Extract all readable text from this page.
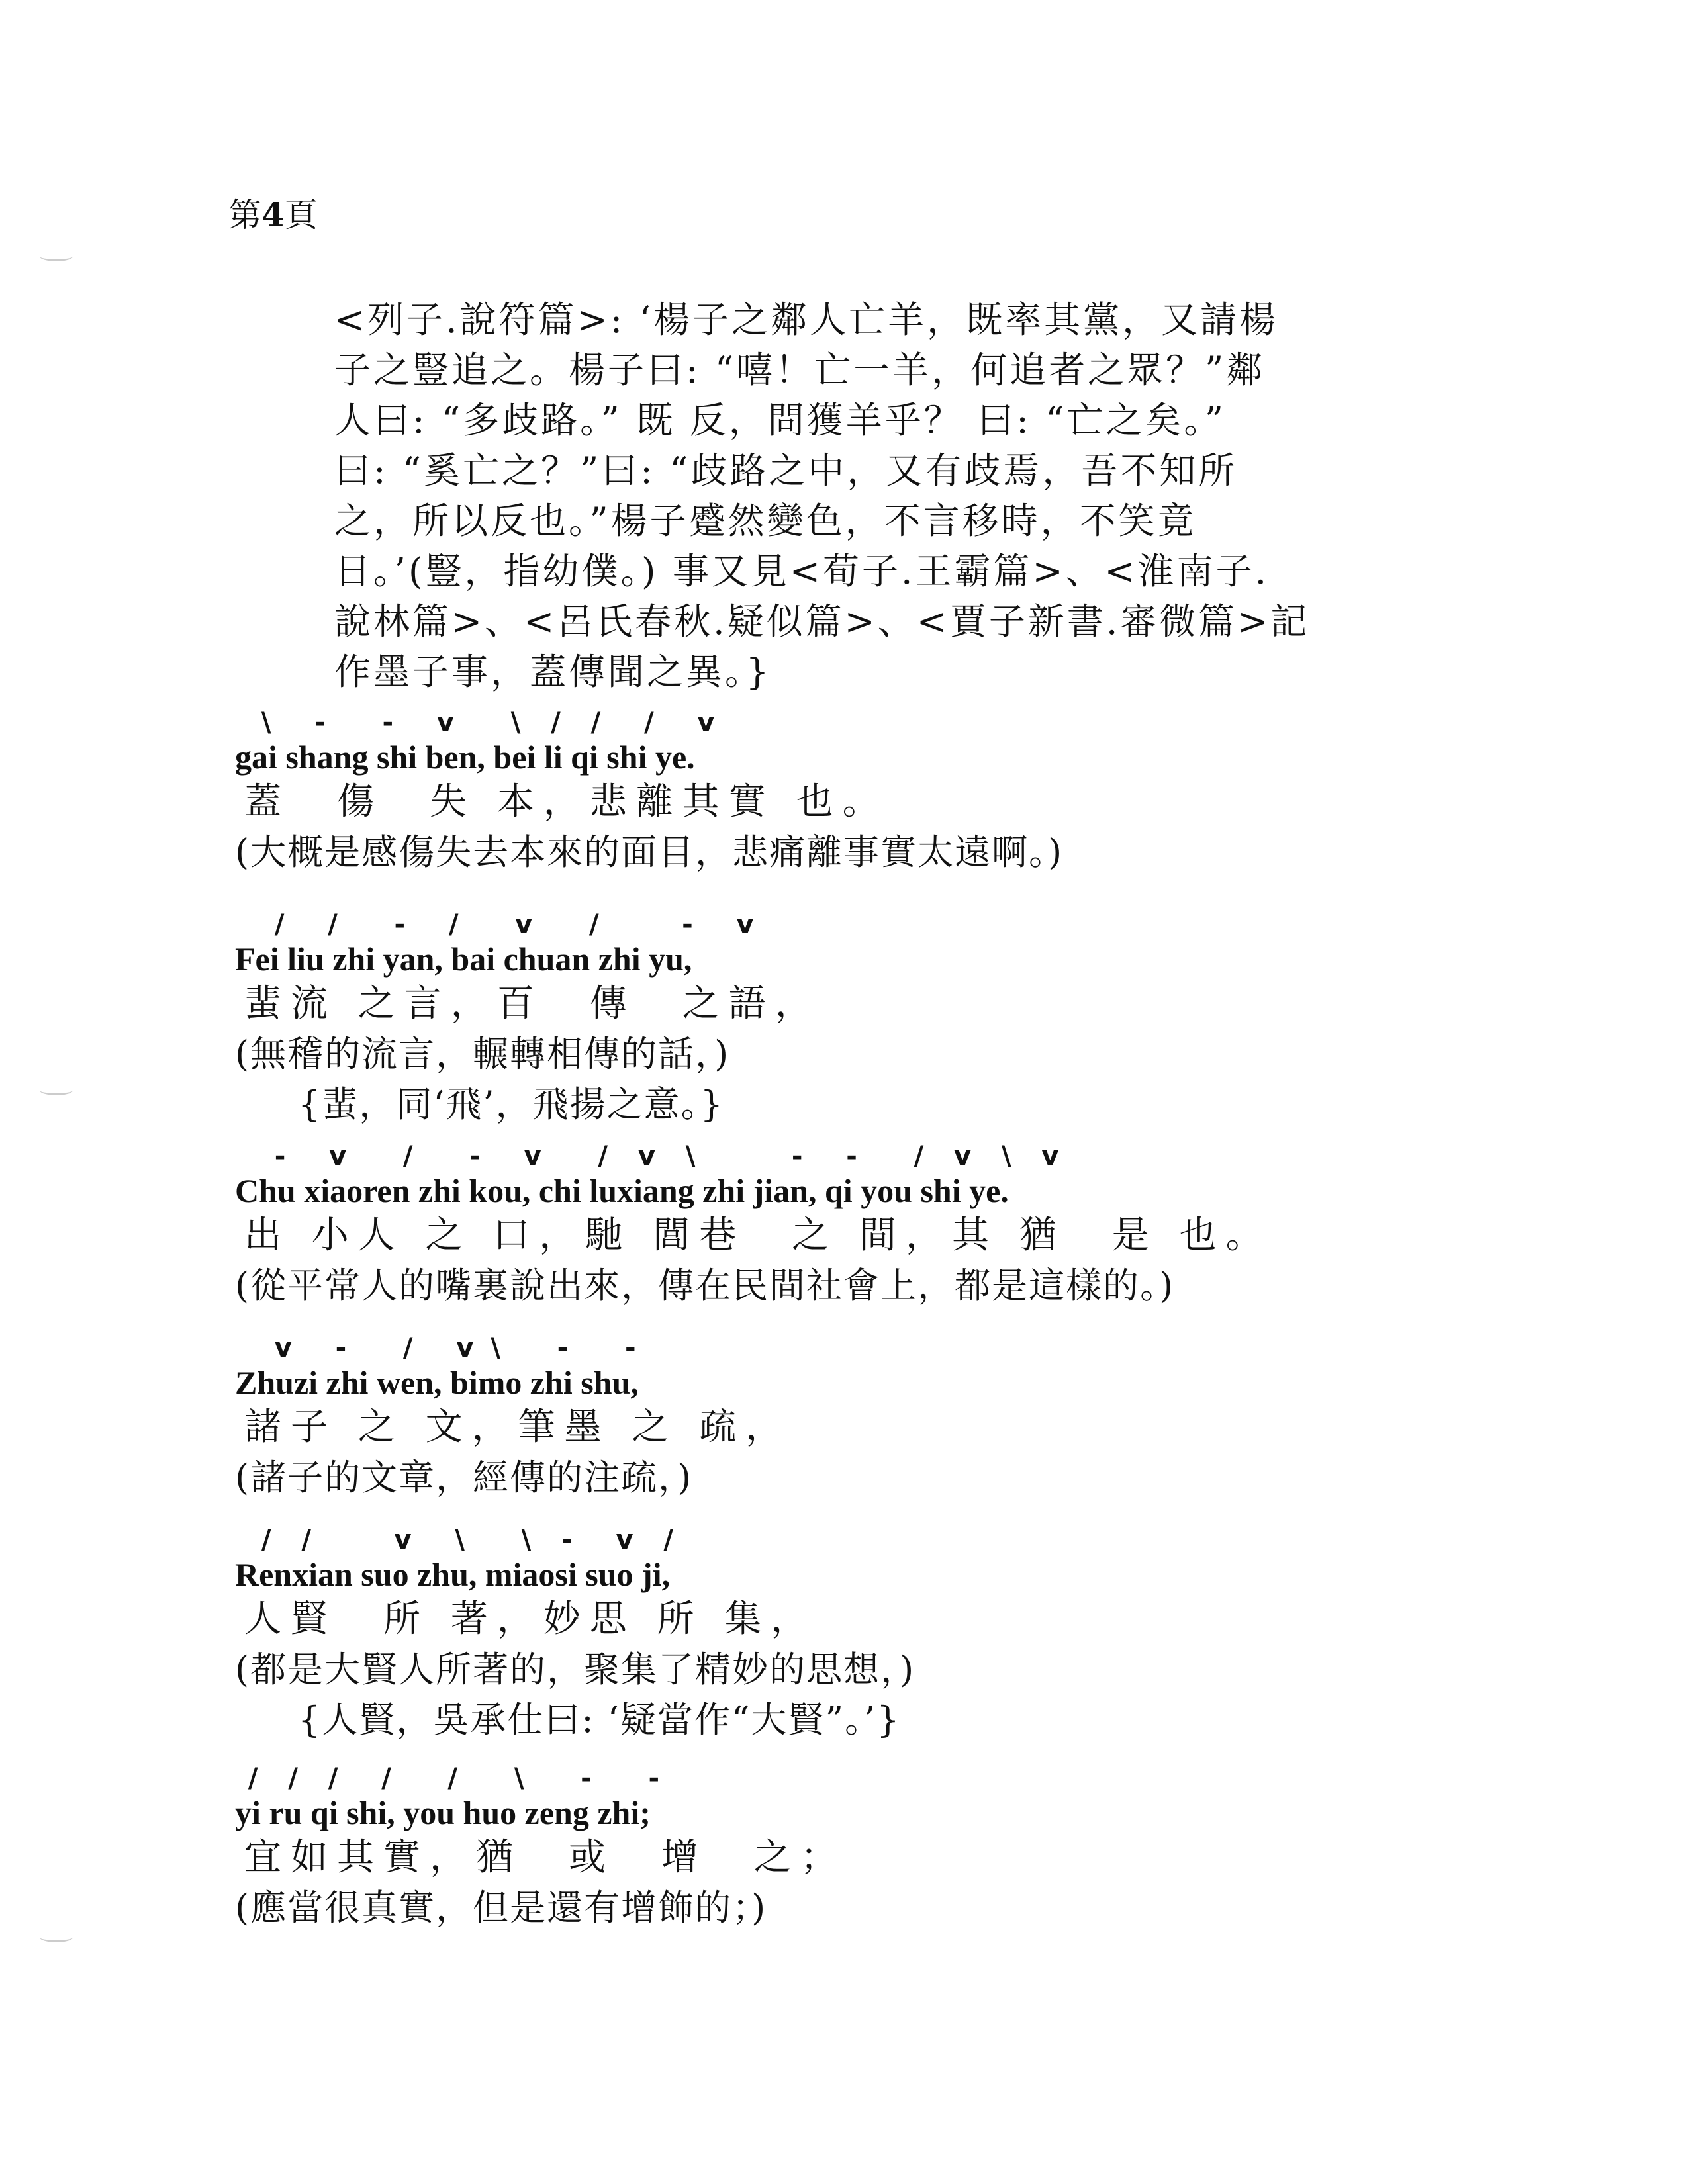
第4頁
<列子.說符篇>: ‘楊子之鄰人亡羊，既率其黨，又請楊
子之豎追之。楊子曰: “嘻！亡一羊，何追者之眾？”鄰
人曰: “多歧路。” 既 反，問獲羊乎？ 曰: “亡之矣。”
曰: “奚亡之？”曰: “歧路之中，又有歧焉，吾不知所
之，所以反也。”楊子蹙然變色，不言移時，不笑竟
日。’(豎，指幼僕。) 事又見<荀子.王霸篇>、<淮南子.
說林篇>、<呂氏春秋.疑似篇>、<賈子新書.審微篇>記
作墨子事，蓋傳聞之異。}
\   -    -   v    \  /  /   /   v
gai shang shi ben, bei li qi shi ye.
蓋　傷　失 本，悲離其實 也。
(大概是感傷失去本來的面目，悲痛離事實太遠啊。)
/   /    -   /    v    /      -   v
Fei liu zhi yan, bai chuan zhi yu,
蜚流 之言，百　傳　之語，
(無稽的流言，輾轉相傳的話，)
{蜚，同‘飛’，飛揚之意。}
-   v    /    -   v    /  v  \       -   -    /  v  \  v
Chu xiaoren zhi kou, chi luxiang zhi jian, qi you shi ye.
出 小人 之 口，馳 閭巷　之 間，其 猶　是 也。
(從平常人的嘴裏說出來，傳在民間社會上，都是這樣的。)
v   -    /   v \    -    -
Zhuzi zhi wen, bimo zhi shu,
諸子 之 文，筆墨 之 疏，
(諸子的文章，經傳的注疏，)
/  /      v   \    \  -   v  /
Renxian suo zhu, miaosi suo ji,
人賢　所 著，妙思 所 集，
(都是大賢人所著的，聚集了精妙的思想，)
{人賢，吳承仕曰: ‘疑當作“大賢”。’}
/  /  /   /    /    \    -    -
yi ru qi shi, you huo zeng zhi;
宜如其實，猶　或　增　之；
(應當很真實，但是還有增飾的；)
